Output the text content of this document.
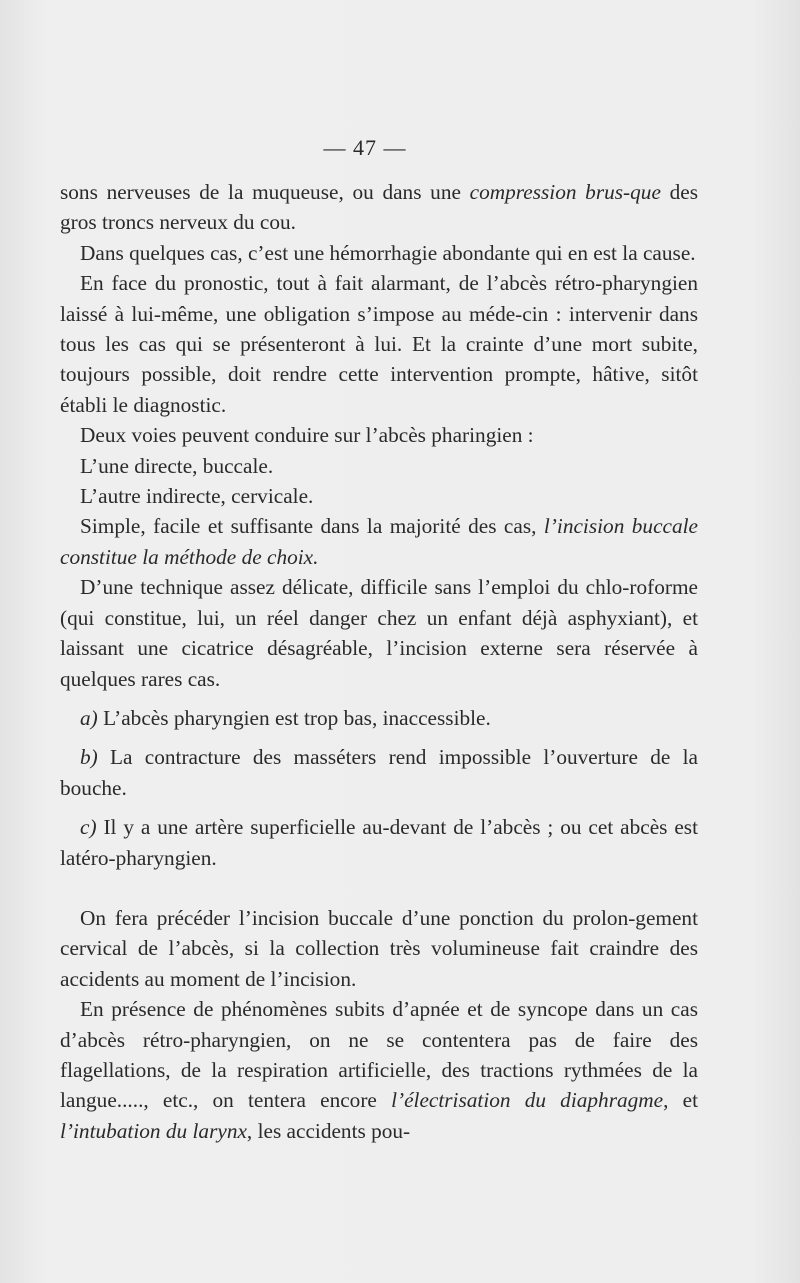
— 47 —

sons nerveuses de la muqueuse, ou dans une compression brus-que des gros troncs nerveux du cou.

Dans quelques cas, c’est une hémorrhagie abondante qui en est la cause.

En face du pronostic, tout à fait alarmant, de l’abcès rétro-pharyngien laissé à lui-même, une obligation s’impose au méde-cin : intervenir dans tous les cas qui se présenteront à lui. Et la crainte d’une mort subite, toujours possible, doit rendre cette intervention prompte, hâtive, sitôt établi le diagnostic.

Deux voies peuvent conduire sur l’abcès pharingien :

L’une directe, buccale.

L’autre indirecte, cervicale.

Simple, facile et suffisante dans la majorité des cas, l’incision buccale constitue la méthode de choix.

D’une technique assez délicate, difficile sans l’emploi du chlo-roforme (qui constitue, lui, un réel danger chez un enfant déjà asphyxiant), et laissant une cicatrice désagréable, l’incision externe sera réservée à quelques rares cas.

a) L’abcès pharyngien est trop bas, inaccessible.

b) La contracture des masséters rend impossible l’ouverture de la bouche.

c) Il y a une artère superficielle au-devant de l’abcès ; ou cet abcès est latéro-pharyngien.

On fera précéder l’incision buccale d’une ponction du prolon-gement cervical de l’abcès, si la collection très volumineuse fait craindre des accidents au moment de l’incision.

En présence de phénomènes subits d’apnée et de syncope dans un cas d’abcès rétro-pharyngien, on ne se contentera pas de faire des flagellations, de la respiration artificielle, des tractions rythmées de la langue....., etc., on tentera encore l’électrisation du diaphragme, et l’intubation du larynx, les accidents pou-
